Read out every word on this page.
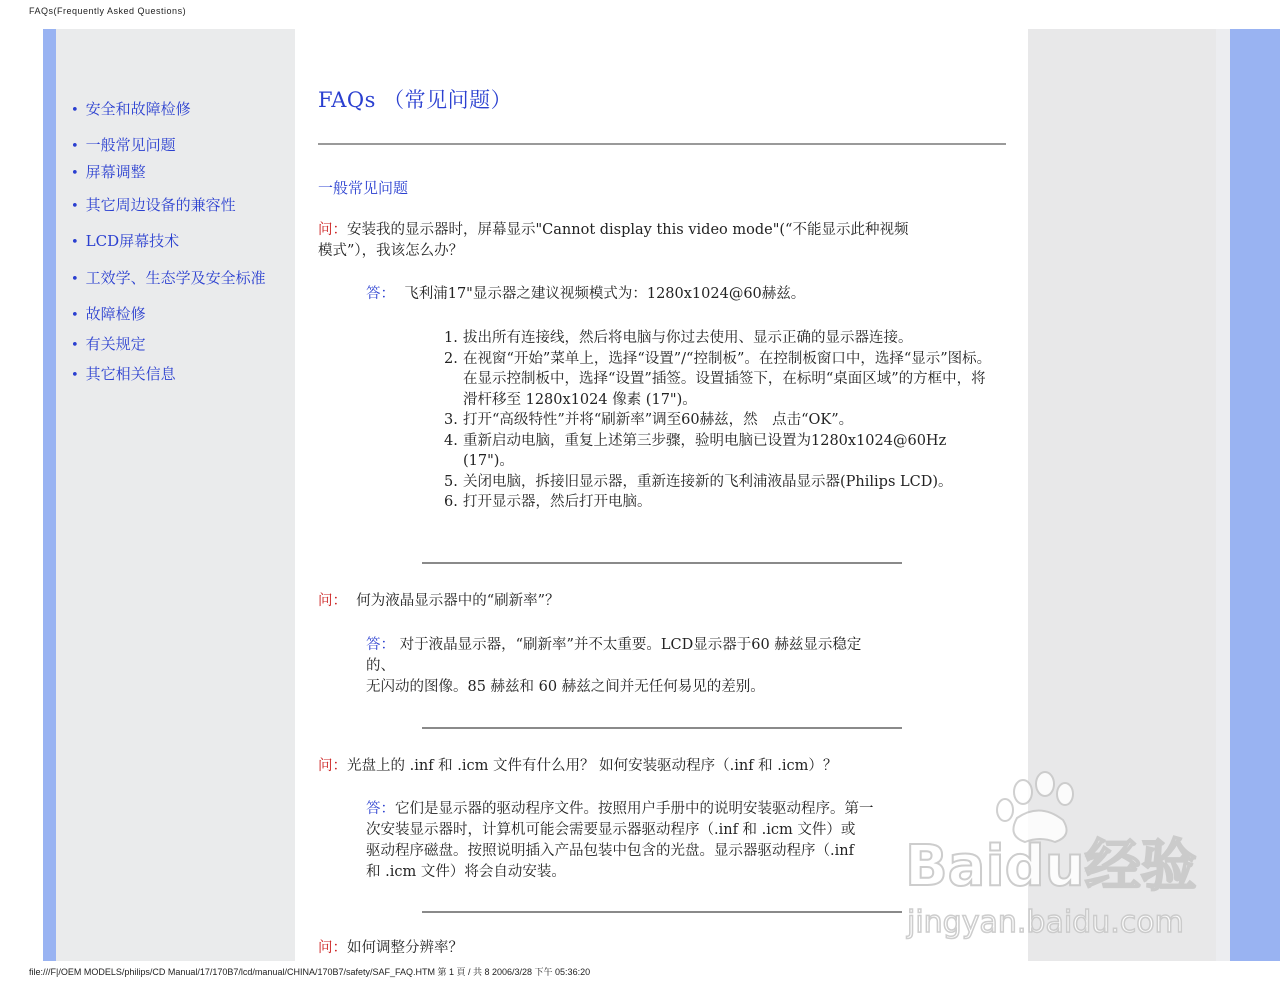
FAQs(Frequently Asked Questions)
• 安全和故障检修
• 一般常见问题
• 屏幕调整
• 其它周边设备的兼容性
• LCD屏幕技术
• 工效学、生态学及安全标准
• 故障检修
• 有关规定
• 其它相关信息
FAQs （常见问题）
一般常见问题
问：安装我的显示器时，屏幕显示"Cannot display this video mode"(“不能显示此种视频
模式”），我该怎么办？
答： 飞利浦17"显示器之建议视频模式为：1280x1024@60赫兹。
1. 拔出所有连接线，然后将电脑与你过去使用、显示正确的显示器连接。
2. 在视窗“开始”菜单上，选择“设置”/“控制板”。在控制板窗口中，选择“显示”图标。在显示控制板中，选择“设置”插签。设置插签下，在标明“桌面区域”的方框中，将滑杆移至 1280x1024 像素 (17")。
3. 打开“高级特性”并将“刷新率”调至60赫兹，然　点击“OK”。
4. 重新启动电脑，重复上述第三步骤，验明电脑已设置为1280x1024@60Hz (17")。
5. 关闭电脑，拆接旧显示器，重新连接新的飞利浦液晶显示器(Philips LCD)。
6. 打开显示器，然后打开电脑。
问： 何为液晶显示器中的“刷新率”？
答： 对于液晶显示器，“刷新率”并不太重要。LCD显示器于60 赫兹显示稳定
的、
无闪动的图像。85 赫兹和 60 赫兹之间并无任何易见的差别。
问：光盘上的 .inf 和 .icm 文件有什么用？ 如何安装驱动程序（.inf 和 .icm）？
答：它们是显示器的驱动程序文件。按照用户手册中的说明安装驱动程序。第一
次安装显示器时，计算机可能会需要显示器驱动程序（.inf 和 .icm 文件）或
驱动程序磁盘。按照说明插入产品包装中包含的光盘。显示器驱动程序（.inf
和 .icm 文件）将会自动安装。
问：如何调整分辨率？
Baidu经验
jingyan.baidu.com
file:///F|/OEM MODELS/philips/CD Manual/17/170B7/lcd/manual/CHINA/170B7/safety/SAF_FAQ.HTM 第 1 頁 / 共 8 2006/3/28 下午 05:36:20
